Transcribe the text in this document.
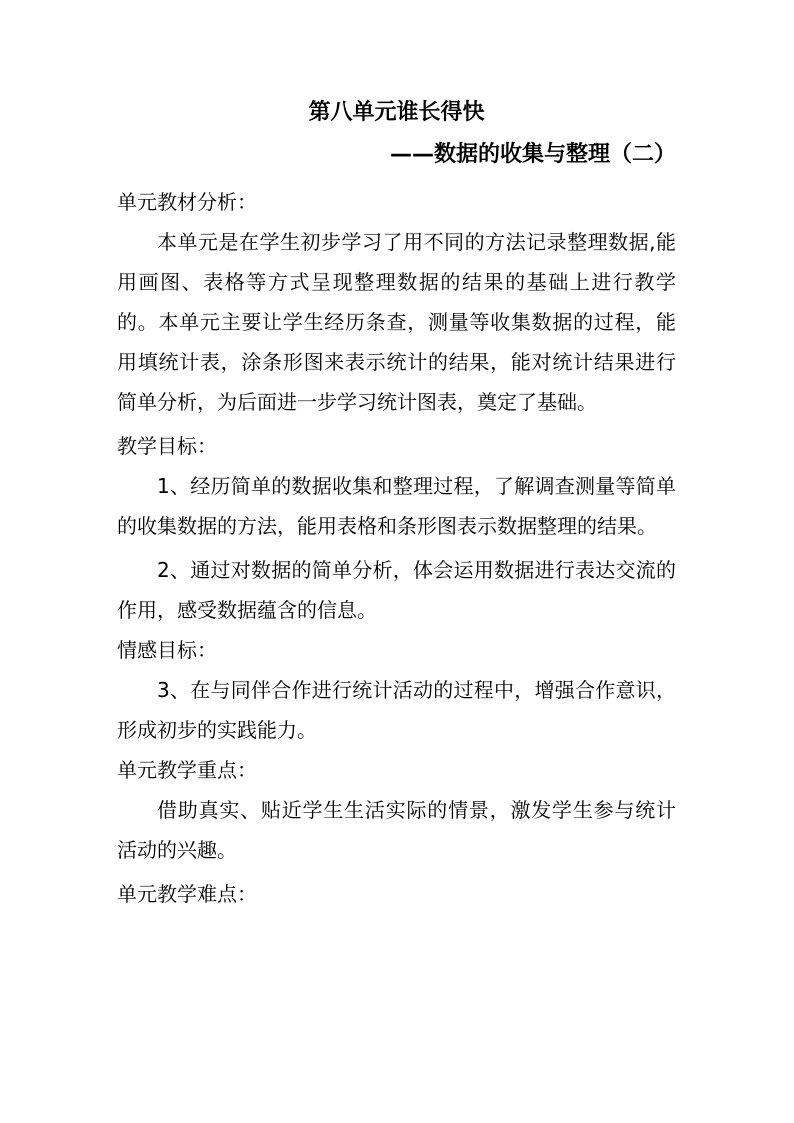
第八单元谁长得快
——数据的收集与整理（二）

单元教材分析：

本单元是在学生初步学习了用不同的方法记录整理数据,能用画图、表格等方式呈现整理数据的结果的基础上进行教学的。本单元主要让学生经历条查，测量等收集数据的过程，能用填统计表，涂条形图来表示统计的结果，能对统计结果进行简单分析，为后面进一步学习统计图表，奠定了基础。

教学目标：

1、经历简单的数据收集和整理过程，了解调查测量等简单的收集数据的方法，能用表格和条形图表示数据整理的结果。

2、通过对数据的简单分析，体会运用数据进行表达交流的作用，感受数据蕴含的信息。

情感目标：

3、在与同伴合作进行统计活动的过程中，增强合作意识，形成初步的实践能力。

单元教学重点：

借助真实、贴近学生生活实际的情景，激发学生参与统计活动的兴趣。

单元教学难点：
